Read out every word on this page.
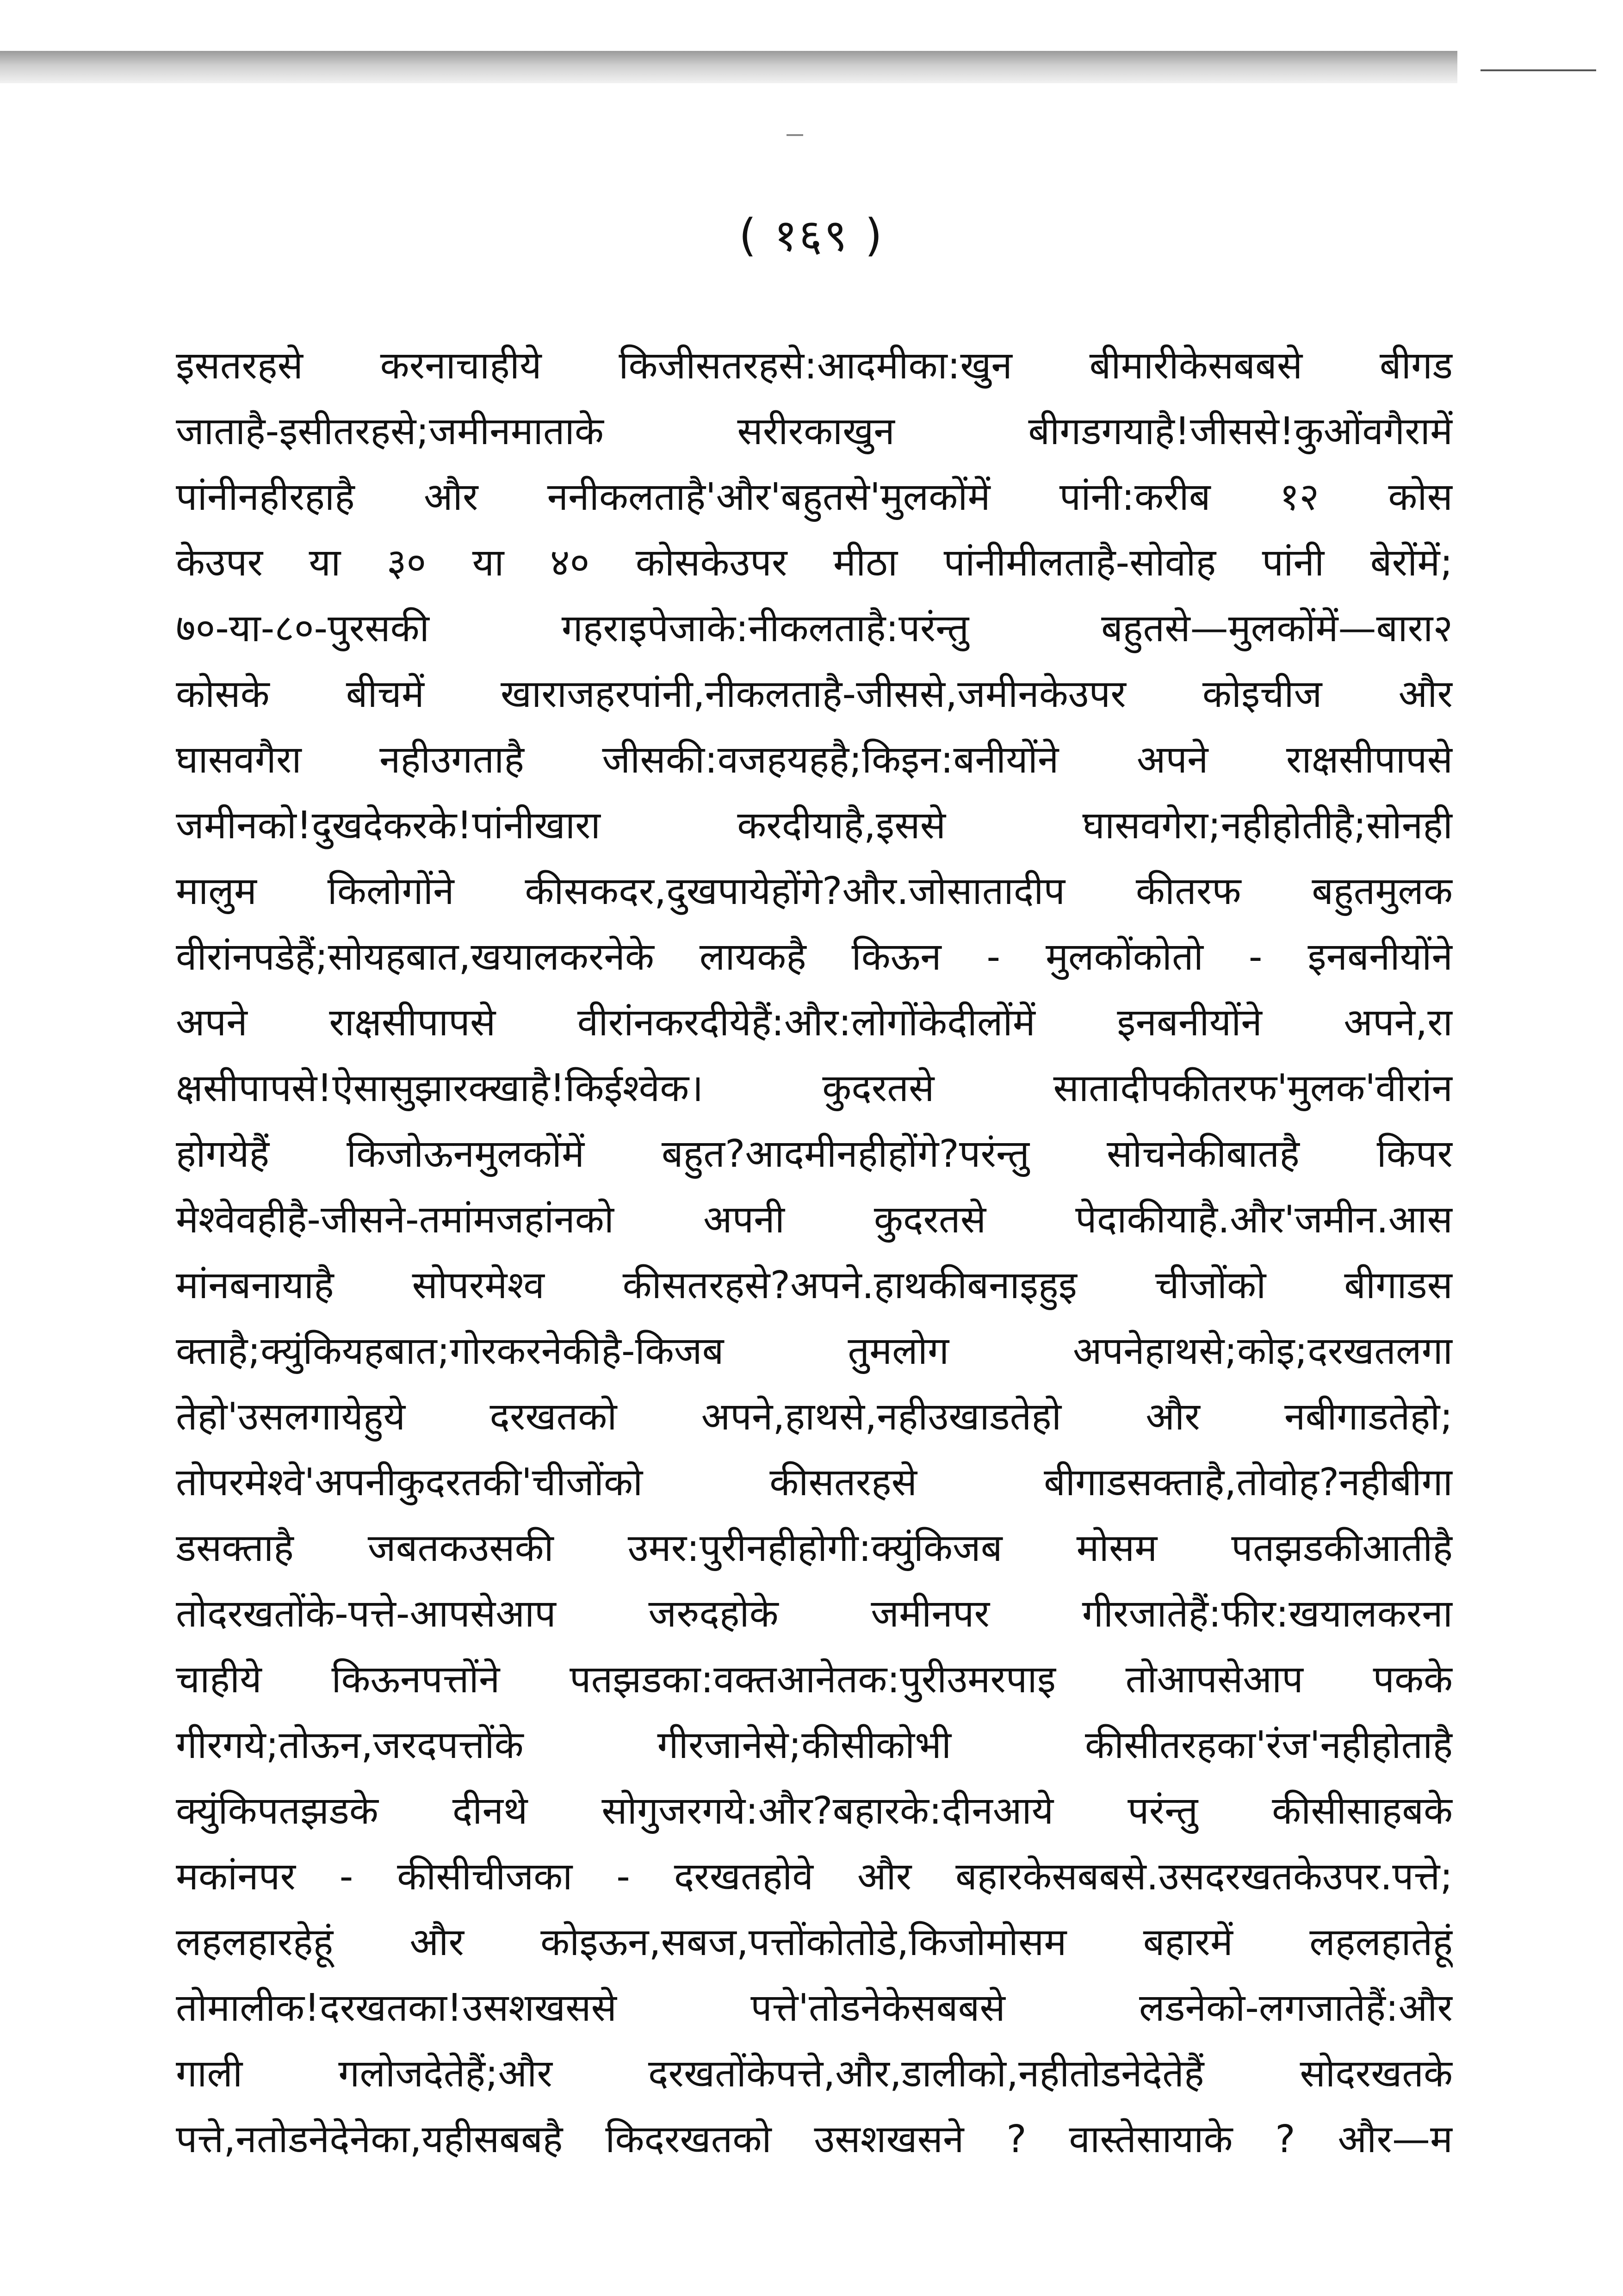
( १६९ )
इसतरहसे करनाचाहीये किजीसतरहसे:आदमीका:खुन बीमारीकेसबबसे बीगड
जाताहै-इसीतरहसे;जमीनमाताके सरीरकाखुन बीगडगयाहै!जीससे!कुओंवगैरामें
पांनीनहीरहाहै और ननीकलताहै'और'बहुतसे'मुलकोंमें पांनी:करीब १२ कोस
केउपर या ३० या ४० कोसकेउपर मीठा पांनीमीलताहै-सोवोह पांनी बेरोंमें;
७०-या-८०-पुरसकी गहराइपेजाके:नीकलताहै:परंन्तु बहुतसे—मुलकोंमें—बारा२
कोसके बीचमें खाराजहरपांनी,नीकलताहै-जीससे,जमीनकेउपर कोइचीज और
घासवगैरा नहीउगताहै जीसकी:वजहयहहै;किइन:बनीयोंने अपने राक्षसीपापसे
जमीनको!दुखदेकरके!पांनीखारा करदीयाहै,इससे घासवगेरा;नहीहोतीहै;सोनही
मालुम किलोगोंने कीसकदर,दुखपायेहोंगे?और.जोसातादीप कीतरफ बहुतमुलक
वीरांनपडेहैं;सोयहबात,खयालकरनेके लायकहै किऊन - मुलकोंकोतो - इनबनीयोंने
अपने राक्षसीपापसे वीरांनकरदीयेहैं:और:लोगोंकेदीलोंमें इनबनीयोंने अपने,रा
क्षसीपापसे!ऐसासुझारक्खाहै!किईश्वेक। कुदरतसे सातादीपकीतरफ'मुलक'वीरांन
होगयेहैं किजोऊनमुलकोंमें बहुत?आदमीनहीहोंगे?परंन्तु सोचनेकीबातहै किपर
मेश्वेवहीहै-जीसने-तमांमजहांनको अपनी कुदरतसे पेदाकीयाहै.और'जमीन.आस
मांनबनायाहै सोपरमेश्व कीसतरहसे?अपने.हाथकीबनाइहुइ चीजोंको बीगाडस
क्ताहै;क्युंकियहबात;गोरकरनेकीहै-किजब तुमलोग अपनेहाथसे;कोइ;दरखतलगा
तेहो'उसलगायेहुये दरखतको अपने,हाथसे,नहीउखाडतेहो और नबीगाडतेहो;
तोपरमेश्वे'अपनीकुदरतकी'चीजोंको कीसतरहसे बीगाडसक्ताहै,तोवोह?नहीबीगा
डसक्ताहै जबतकउसकी उमर:पुरीनहीहोगी:क्युंकिजब मोसम पतझडकीआतीहै
तोदरखतोंके-पत्ते-आपसेआप जरुदहोके जमीनपर गीरजातेहैं:फीर:खयालकरना
चाहीये किऊनपत्तोंने पतझडका:वक्तआनेतक:पुरीउमरपाइ तोआपसेआप पकके
गीरगये;तोऊन,जरदपत्तोंके गीरजानेसे;कीसीकोभी कीसीतरहका'रंज'नहीहोताहै
क्युंकिपतझडके दीनथे सोगुजरगये:और?बहारके:दीनआये परंन्तु कीसीसाहबके
मकांनपर - कीसीचीजका - दरखतहोवे और बहारकेसबबसे.उसदरखतकेउपर.पत्ते;
लहलहारहेहूं और कोइऊन,सबज,पत्तोंकोतोडे,किजोमोसम बहारमें लहलहातेहूं
तोमालीक!दरखतका!उसशखससे पत्ते'तोडनेकेसबबसे लडनेको-लगजातेहैं:और
गाली गलोजदेतेहैं;और दरखतोंकेपत्ते,और,डालीको,नहीतोडनेदेतेहैं सोदरखतके
पत्ते,नतोडनेदेनेका,यहीसबबहै किदरखतको उसशखसने ? वास्तेसायाके ? और—म
